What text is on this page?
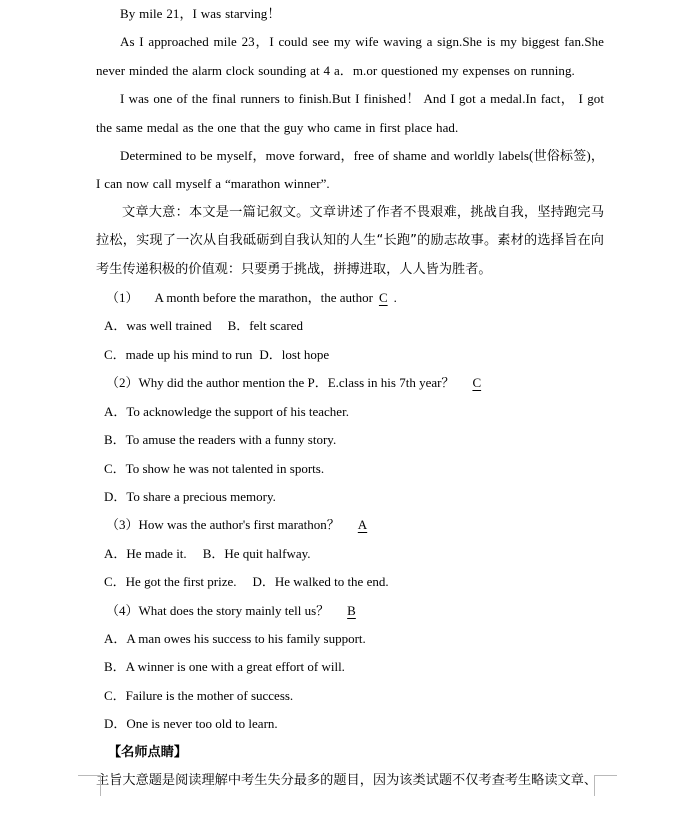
By mile 21，I was starving！

As I approached mile 23，I could see my wife waving a sign.She is my biggest fan.She never minded the alarm clock sounding at 4 a．m.or questioned my expenses on running.

I was one of the final runners to finish.But I finished！ And I got a medal.In fact， I got the same medal as the one that the guy who came in first place had.

Determined to be myself，move forward，free of shame and worldly labels(世俗标签)，I can now call myself a “marathon winner”.

文章大意：本文是一篇记叙文。文章讲述了作者不畏艰难，挑战自我，坚持跑完马拉松，实现了一次从自我砥砺到自我认知的人生“长跑”的励志故事。素材的选择旨在向考生传递积极的价值观：只要勇于挑战，拼搏进取，人人皆为胜者。

（1） A month before the marathon，the author C .

A．was well trained B．felt scared

C．made up his mind to run D．lost hope

（2）Why did the author mention the P．E.class in his 7th year？ C

A．To acknowledge the support of his teacher.

B．To amuse the readers with a funny story.

C．To show he was not talented in sports.

D．To share a precious memory.

（3）How was the author's first marathon？ A

A．He made it. B．He quit halfway.

C．He got the first prize. D．He walked to the end.

（4）What does the story mainly tell us？ B

A．A man owes his success to his family support.

B．A winner is one with a great effort of will.

C．Failure is the mother of success.

D．One is never too old to learn.

【名师点睛】

主旨大意题是阅读理解中考生失分最多的题目，因为该类试题不仅考查考生略读文章、
